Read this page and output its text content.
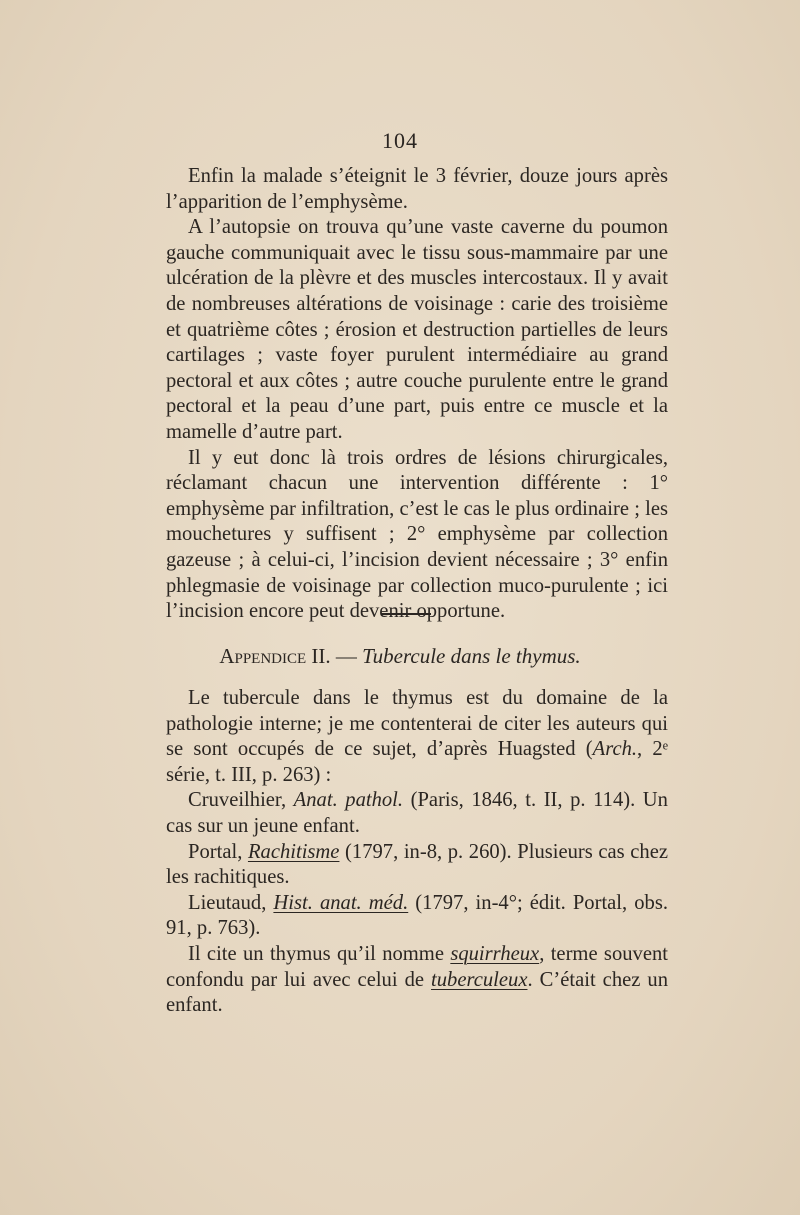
104

Enfin la malade s’éteignit le 3 février, douze jours après l’apparition de l’emphysème.

A l’autopsie on trouva qu’une vaste caverne du poumon gauche communiquait avec le tissu sous-mammaire par une ulcération de la plèvre et des muscles intercostaux. Il y avait de nombreuses altérations de voisinage : carie des troisième et quatrième côtes ; érosion et destruction partielles de leurs cartilages ; vaste foyer purulent intermédiaire au grand pectoral et aux côtes ; autre couche purulente entre le grand pectoral et la peau d’une part, puis entre ce muscle et la mamelle d’autre part.

Il y eut donc là trois ordres de lésions chirurgicales, réclamant chacun une intervention différente : 1° emphysème par infiltration, c’est le cas le plus ordinaire ; les mouchetures y suffisent ; 2° emphysème par collection gazeuse ; à celui-ci, l’incision devient nécessaire ; 3° enfin phlegmasie de voisinage par collection muco-purulente ; ici l’incision encore peut devenir opportune.

Appendice II. — Tubercule dans le thymus.

Le tubercule dans le thymus est du domaine de la pathologie interne; je me contenterai de citer les auteurs qui se sont occupés de ce sujet, d’après Huagsted (Arch., 2ᵉ série, t. III, p. 263) :

Cruveilhier, Anat. pathol. (Paris, 1846, t. II, p. 114). Un cas sur un jeune enfant.

Portal, Rachitisme (1797, in-8, p. 260). Plusieurs cas chez les rachitiques.

Lieutaud, Hist. anat. méd. (1797, in-4°; édit. Portal, obs. 91, p. 763).

Il cite un thymus qu’il nomme squirrheux, terme souvent confondu par lui avec celui de tuberculeux. C’était chez un enfant.
